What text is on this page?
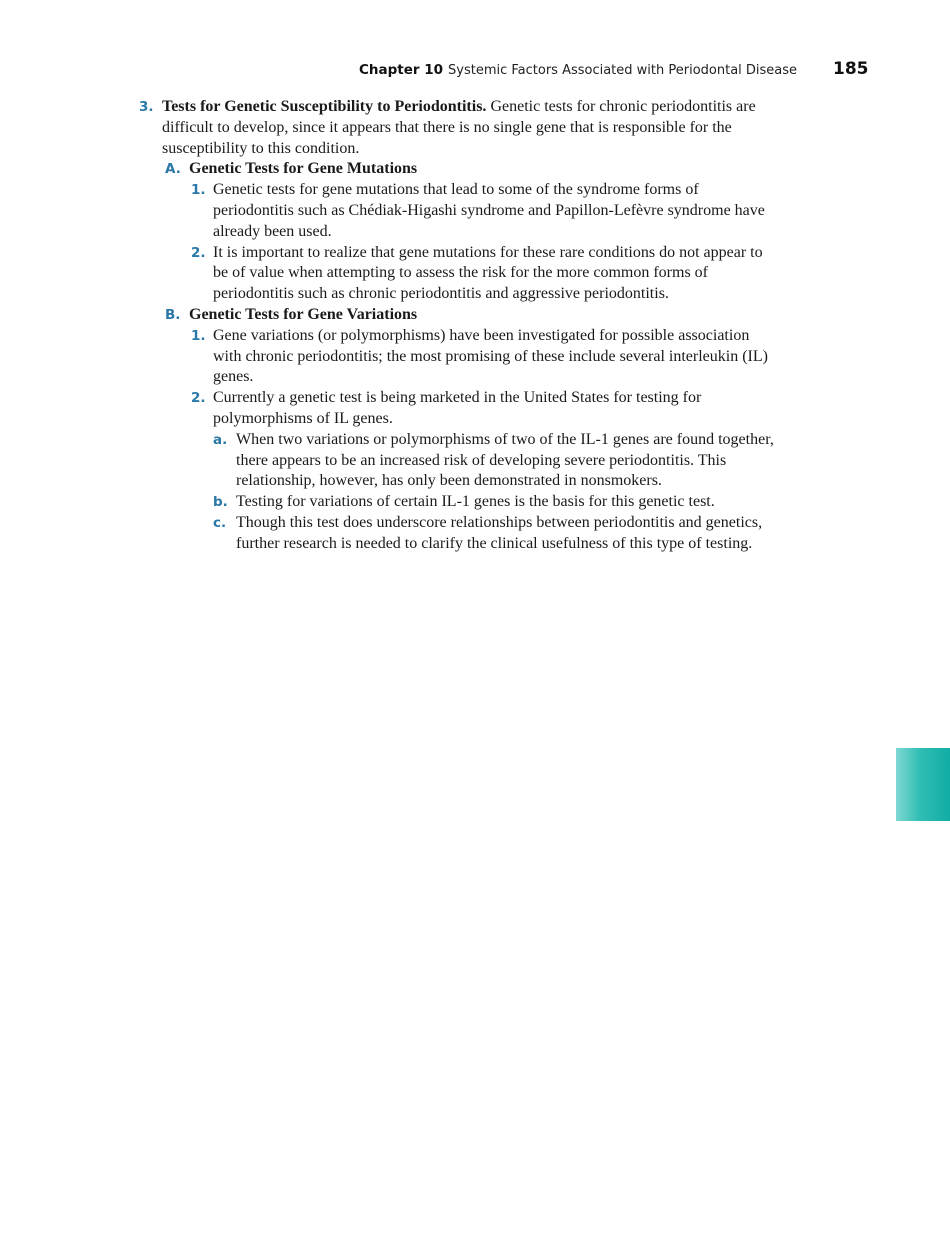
Chapter 10 Systemic Factors Associated with Periodontal Disease 185
3. Tests for Genetic Susceptibility to Periodontitis. Genetic tests for chronic periodontitis are difficult to develop, since it appears that there is no single gene that is responsible for the susceptibility to this condition.
A. Genetic Tests for Gene Mutations
1. Genetic tests for gene mutations that lead to some of the syndrome forms of periodontitis such as Chédiak-Higashi syndrome and Papillon-Lefèvre syndrome have already been used.
2. It is important to realize that gene mutations for these rare conditions do not appear to be of value when attempting to assess the risk for the more common forms of periodontitis such as chronic periodontitis and aggressive periodontitis.
B. Genetic Tests for Gene Variations
1. Gene variations (or polymorphisms) have been investigated for possible association with chronic periodontitis; the most promising of these include several interleukin (IL) genes.
2. Currently a genetic test is being marketed in the United States for testing for polymorphisms of IL genes.
a. When two variations or polymorphisms of two of the IL-1 genes are found together, there appears to be an increased risk of developing severe periodontitis. This relationship, however, has only been demonstrated in nonsmokers.
b. Testing for variations of certain IL-1 genes is the basis for this genetic test.
c. Though this test does underscore relationships between periodontitis and genetics, further research is needed to clarify the clinical usefulness of this type of testing.
